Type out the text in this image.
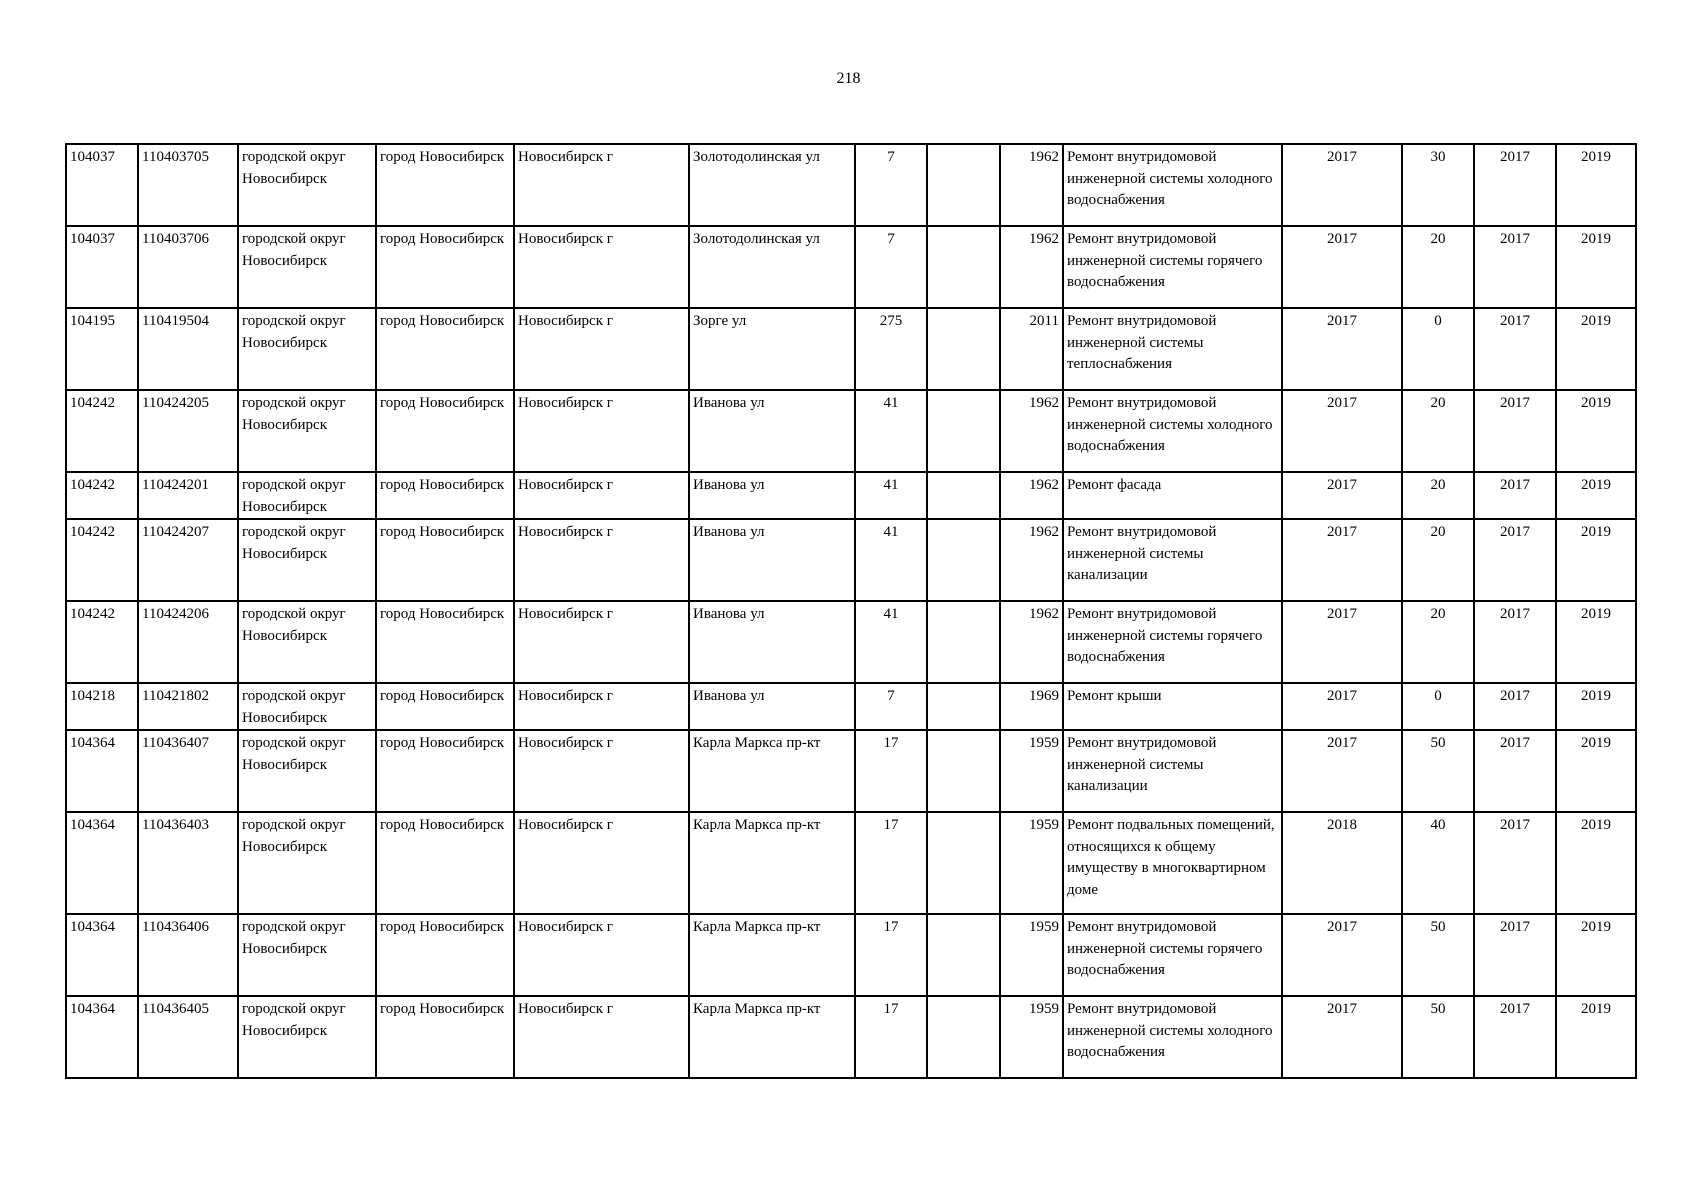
218
104037	110403705	городской округ Новосибирск	город Новосибирск	Новосибирск г	Золотодолинская ул	7		1962	Ремонт внутридомовой инженерной системы холодного водоснабжения	2017	30	2017	2019
104037	110403706	городской округ Новосибирск	город Новосибирск	Новосибирск г	Золотодолинская ул	7		1962	Ремонт внутридомовой инженерной системы горячего водоснабжения	2017	20	2017	2019
104195	110419504	городской округ Новосибирск	город Новосибирск	Новосибирск г	Зорге ул	275		2011	Ремонт внутридомовой инженерной системы теплоснабжения	2017	0	2017	2019
104242	110424205	городской округ Новосибирск	город Новосибирск	Новосибирск г	Иванова ул	41		1962	Ремонт внутридомовой инженерной системы холодного водоснабжения	2017	20	2017	2019
104242	110424201	городской округ Новосибирск	город Новосибирск	Новосибирск г	Иванова ул	41		1962	Ремонт фасада	2017	20	2017	2019
104242	110424207	городской округ Новосибирск	город Новосибирск	Новосибирск г	Иванова ул	41		1962	Ремонт внутридомовой инженерной системы канализации	2017	20	2017	2019
104242	110424206	городской округ Новосибирск	город Новосибирск	Новосибирск г	Иванова ул	41		1962	Ремонт внутридомовой инженерной системы горячего водоснабжения	2017	20	2017	2019
104218	110421802	городской округ Новосибирск	город Новосибирск	Новосибирск г	Иванова ул	7		1969	Ремонт крыши	2017	0	2017	2019
104364	110436407	городской округ Новосибирск	город Новосибирск	Новосибирск г	Карла Маркса пр-кт	17		1959	Ремонт внутридомовой инженерной системы канализации	2017	50	2017	2019
104364	110436403	городской округ Новосибирск	город Новосибирск	Новосибирск г	Карла Маркса пр-кт	17		1959	Ремонт подвальных помещений, относящихся к общему имуществу в многоквартирном доме	2018	40	2017	2019
104364	110436406	городской округ Новосибирск	город Новосибирск	Новосибирск г	Карла Маркса пр-кт	17		1959	Ремонт внутридомовой инженерной системы горячего водоснабжения	2017	50	2017	2019
104364	110436405	городской округ Новосибирск	город Новосибирск	Новосибирск г	Карла Маркса пр-кт	17		1959	Ремонт внутридомовой инженерной системы холодного водоснабжения	2017	50	2017	2019
